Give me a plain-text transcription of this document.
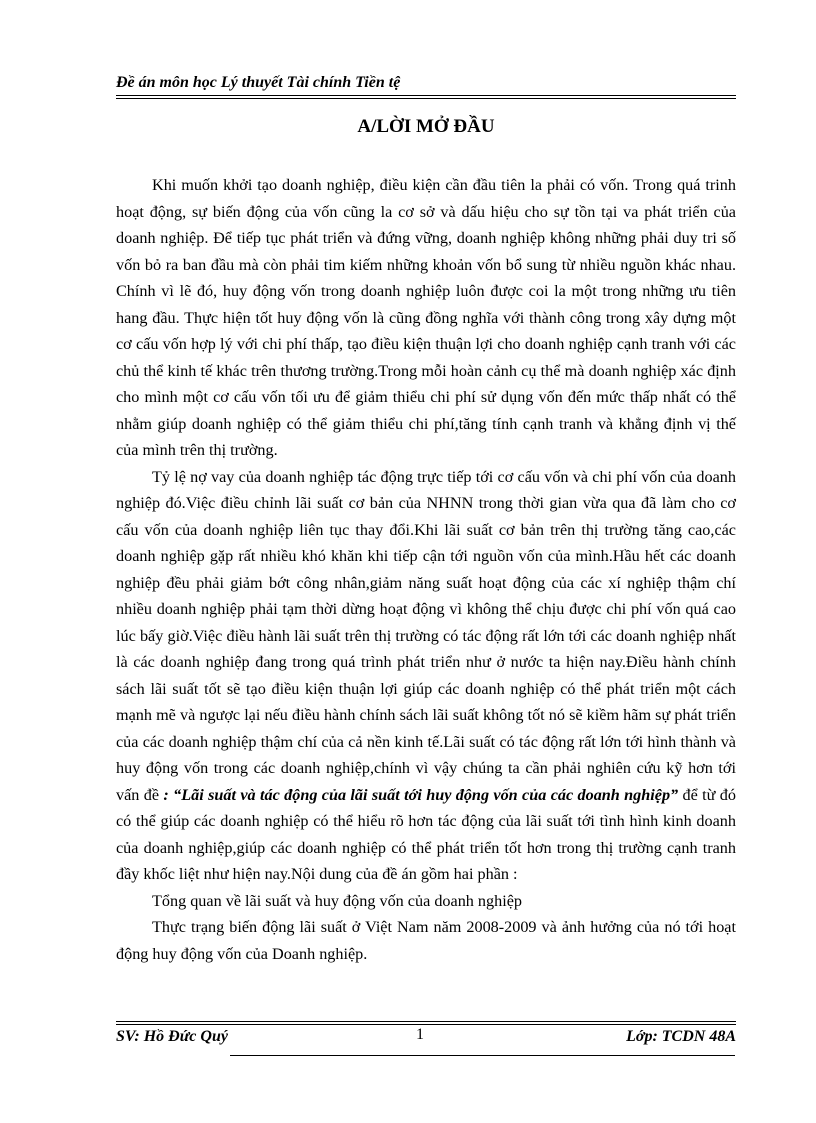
Đề án môn học Lý thuyết Tài chính Tiền tệ
A/LỜI MỞ ĐẦU

Khi muốn khởi tạo doanh nghiệp, điều kiện cần đầu tiên la phải có vốn. Trong quá trinh hoạt động, sự biến động của vốn cũng la cơ sở và dấu hiệu cho sự tồn tại va phát triển của doanh nghiệp. Để tiếp tục phát triển và đứng vững, doanh nghiệp không những phải duy tri số vốn bỏ ra ban đầu mà còn phải tim kiếm những khoản vốn bổ sung từ nhiều nguồn khác nhau. Chính vì lẽ đó, huy động vốn trong doanh nghiệp luôn được coi la một trong những ưu tiên hang đầu. Thực hiện tốt huy động vốn là cũng đồng nghĩa với thành công trong xây dựng một cơ cấu vốn hợp lý với chi phí thấp, tạo điều kiện thuận lợi cho doanh nghiệp cạnh tranh với các chủ thể kinh tế khác trên thương trường.Trong mỗi hoàn cảnh cụ thể mà doanh nghiệp xác định cho mình một cơ cấu vốn tối ưu để giảm thiểu chi phí sử dụng vốn đến mức thấp nhất có thể nhằm giúp doanh nghiệp có thể giảm thiểu chi phí,tăng tính cạnh tranh và khẳng định vị thế của mình trên thị trường.

Tỷ lệ nợ vay của doanh nghiệp tác động trực tiếp tới cơ cấu vốn và chi phí vốn của doanh nghiệp đó.Việc điều chỉnh lãi suất cơ bản của NHNN trong thời gian vừa qua đã làm cho cơ cấu vốn của doanh nghiệp liên tục thay đổi.Khi lãi suất cơ bản trên thị trường tăng cao,các doanh nghiệp gặp rất nhiều khó khăn khi tiếp cận tới nguồn vốn của mình.Hầu hết các doanh nghiệp đều phải giảm bớt công nhân,giảm năng suất hoạt động của các xí nghiệp thậm chí nhiều doanh nghiệp phải tạm thời dừng hoạt động vì không thể chịu được chi phí vốn quá cao lúc bấy giờ.Việc điều hành lãi suất trên thị trường có tác động rất lớn tới các doanh nghiệp nhất là các doanh nghiệp đang trong quá trình phát triển như ở nước ta hiện nay.Điều hành chính sách lãi suất tốt sẽ tạo điều kiện thuận lợi giúp các doanh nghiệp có thể phát triển một cách mạnh mẽ và ngược lại nếu điều hành chính sách lãi suất không tốt nó sẽ kiềm hãm sự phát triển của các doanh nghiệp thậm chí của cả nền kinh tế.Lãi suất có tác động rất lớn tới hình thành và huy động vốn trong các doanh nghiệp,chính vì vậy chúng ta cần phải nghiên cứu kỹ hơn tới vấn đề : “Lãi suất và tác động của lãi suất tới huy động vốn của các doanh nghiệp” để từ đó có thể giúp các doanh nghiệp có thể hiểu rõ hơn tác động của lãi suất tới tình hình kinh doanh của doanh nghiệp,giúp các doanh nghiệp có thể phát triển tốt hơn trong thị trường cạnh tranh đầy khốc liệt như hiện nay.Nội dung của đề án gồm hai phần :

Tổng quan về lãi suất và huy động vốn của doanh nghiệp

Thực trạng biến động lãi suất ở Việt Nam năm 2008-2009 và ảnh hưởng của nó tới hoạt động huy động vốn của Doanh nghiệp.

SV: Hồ Đức Quý	1	Lớp: TCDN 48A
